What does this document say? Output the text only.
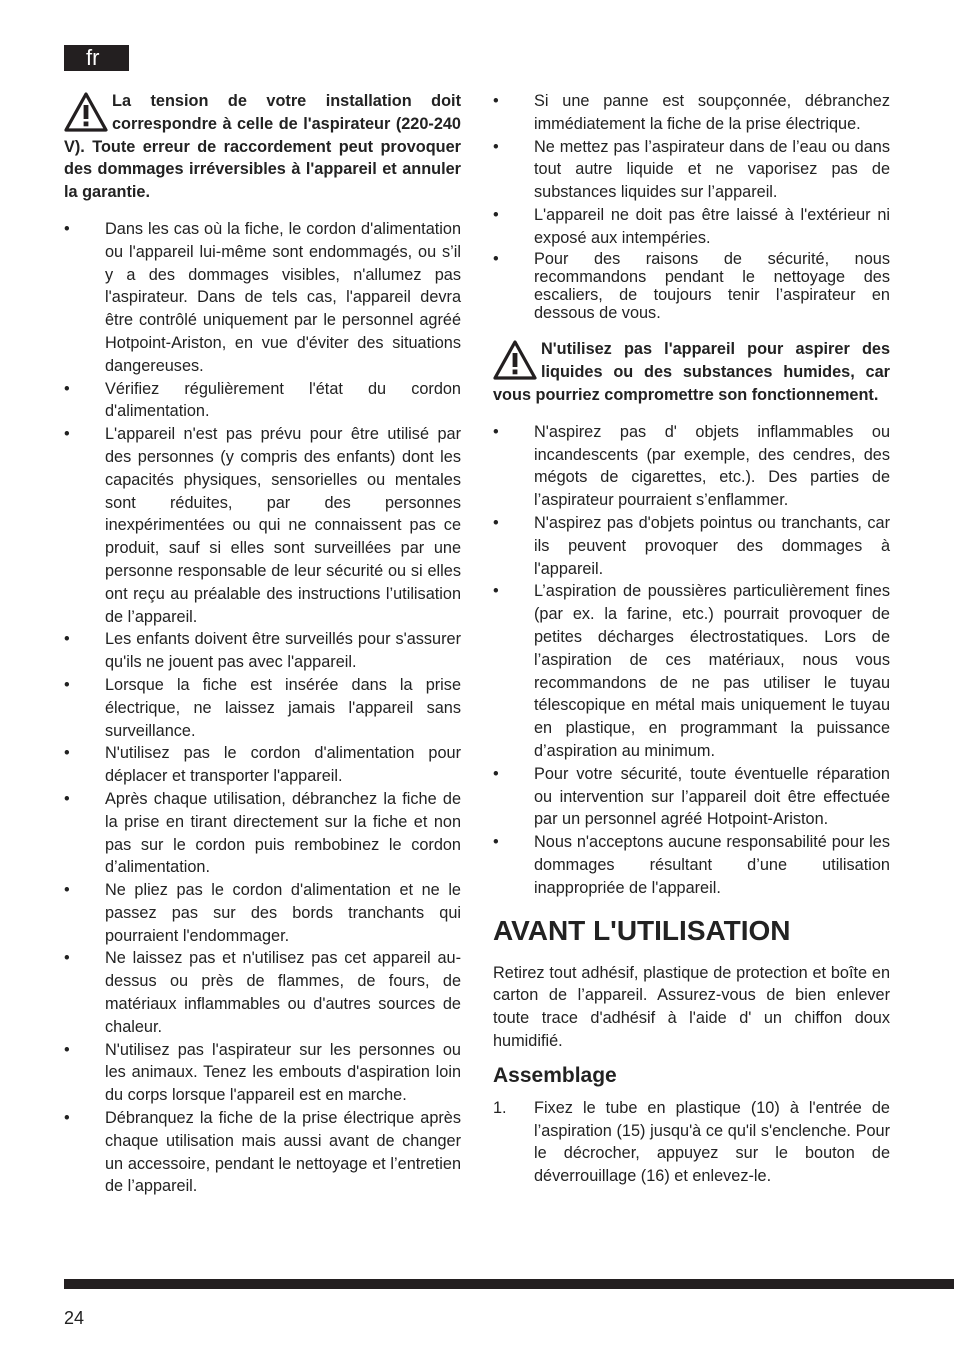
fr
La tension de votre installation doit correspondre à celle de l'aspirateur (220-240 V). Toute erreur de raccordement peut provoquer des dommages irréversibles à l'appareil et annuler la garantie.
•	Dans les cas où la fiche, le cordon d'alimentation ou l'appareil lui-même sont endommagés, ou s’il y a des dommages visibles, n'allumez pas l'aspirateur. Dans de tels cas, l'appareil devra être contrôlé uniquement par le personnel agréé Hotpoint-Ariston, en vue d'éviter des situations dangereuses.
•	Vérifiez régulièrement l'état du cordon d'alimentation.
•	L'appareil n'est pas prévu pour être utilisé par des personnes (y compris des enfants) dont les capacités physiques, sensorielles ou mentales sont réduites, par des personnes inexpérimentées ou qui ne connaissent pas ce produit, sauf si elles sont surveillées par une personne responsable de leur sécurité ou si elles ont reçu au préalable des instructions l’utilisation de l’appareil.
•	Les enfants doivent être surveillés pour s'assurer qu'ils ne jouent pas avec l'appareil.
•	Lorsque la fiche est insérée dans la prise électrique, ne laissez jamais l'appareil sans surveillance.
•	N'utilisez pas le cordon d'alimentation pour déplacer et transporter l'appareil.
•	Après chaque utilisation, débranchez la fiche de la prise en tirant directement sur la fiche et non pas sur le cordon puis rembobinez le cordon d’alimentation.
•	Ne pliez pas le cordon d'alimentation et ne le passez pas sur des bords tranchants qui pourraient l'endommager.
•	Ne laissez pas et n'utilisez pas cet appareil au-dessus ou près de flammes, de fours, de matériaux inflammables ou d'autres sources de chaleur.
•	N'utilisez pas l'aspirateur sur les personnes ou les animaux. Tenez les embouts d'aspiration loin du corps lorsque l'appareil est en marche.
•	Débranquez la fiche de la prise électrique après chaque utilisation mais aussi avant de changer un accessoire, pendant le nettoyage et l’entretien de l’appareil.
•	Si une panne est soupçonnée, débranchez immédiatement la fiche de la prise électrique.
•	Ne mettez pas l’aspirateur dans de l’eau ou dans tout autre liquide et ne vaporisez pas de substances liquides sur l’appareil.
•	L'appareil ne doit pas être laissé à l'extérieur ni exposé aux intempéries.
•	Pour des raisons de sécurité, nous recommandons pendant le nettoyage des escaliers, de toujours tenir l’aspirateur en dessous de vous.
N'utilisez pas l'appareil pour aspirer des liquides ou des substances humides, car vous pourriez compromettre son fonctionnement.
•	N'aspirez pas d' objets inflammables ou incandescents (par exemple, des cendres, des mégots de cigarettes, etc.). Des parties de l’aspirateur pourraient s’enflammer.
•	N'aspirez pas d'objets pointus ou tranchants, car ils peuvent provoquer des dommages à l'appareil.
•	L’aspiration de poussières particulièrement fines (par ex. la farine, etc.) pourrait provoquer de petites décharges électrostatiques. Lors de l’aspiration de ces matériaux, nous vous recommandons de ne pas utiliser le tuyau télescopique en métal mais uniquement le tuyau en plastique, en programmant la puissance d’aspiration au minimum.
•	Pour votre sécurité, toute éventuelle réparation ou intervention sur l’appareil doit être effectuée par un personnel agréé Hotpoint-Ariston.
•	Nous n'acceptons aucune responsabilité pour les dommages résultant d’une utilisation inappropriée de l'appareil.
AVANT L'UTILISATION

Retirez tout adhésif, plastique de protection et boîte en carton de l’appareil. Assurez-vous de bien enlever toute trace d'adhésif à l'aide d' un chiffon doux humidifié.

Assemblage
1. Fixez le tube en plastique (10) à l'entrée de l’aspiration (15) jusqu'à ce qu'il s'enclenche. Pour le décrocher, appuyez sur le bouton de déverrouillage (16) et enlevez-le.
24
